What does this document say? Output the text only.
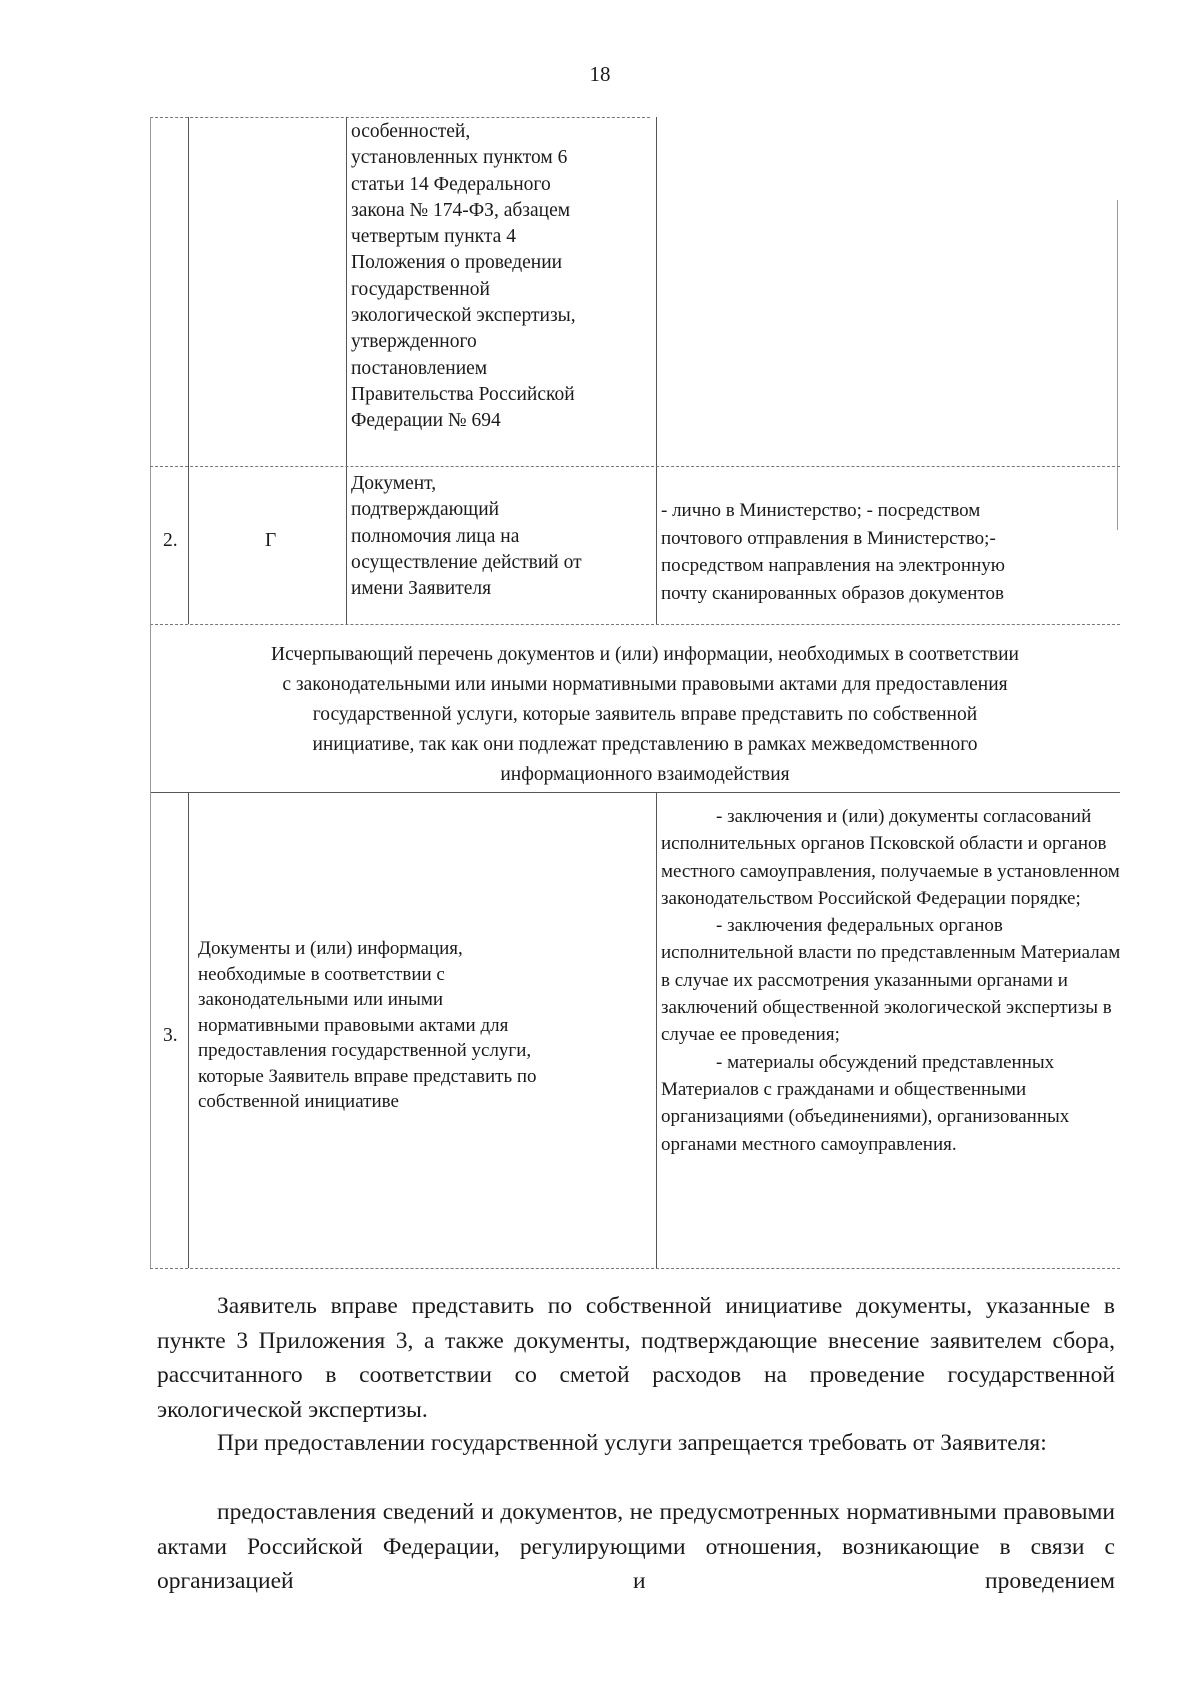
18
особенностей,
установленных пунктом 6
статьи 14 Федерального
закона № 174-ФЗ, абзацем
четвертым пункта 4
Положения о проведении
государственной
экологической экспертизы,
утвержденного
постановлением
Правительства Российской
Федерации № 694
2.	Г
Документ,
подтверждающий
полномочия лица на
осуществление действий от
имени Заявителя
- лично в Министерство; - посредством
почтового отправления в Министерство;-
посредством направления на электронную
почту сканированных образов документов
Исчерпывающий перечень документов и (или) информации, необходимых в соответствии
с законодательными или иными нормативными правовыми актами для предоставления
государственной услуги, которые заявитель вправе представить по собственной
инициативе, так как они подлежат представлению в рамках межведомственного
информационного взаимодействия
3.
Документы и (или) информация,
необходимые в соответствии с
законодательными или иными
нормативными правовыми актами для
предоставления государственной услуги,
которые Заявитель вправе представить по
собственной инициативе
- заключения и (или) документы согласований исполнительных органов Псковской области и органов местного самоуправления, получаемые в установленном законодательством Российской Федерации порядке;
- заключения федеральных органов исполнительной власти по представленным Материалам в случае их рассмотрения указанными органами и заключений общественной экологической экспертизы в случае ее проведения;
- материалы обсуждений представленных Материалов с гражданами и общественными организациями (объединениями), организованных органами местного самоуправления.

Заявитель вправе представить по собственной инициативе документы, указанные в пункте 3 Приложения 3, а также документы, подтверждающие внесение заявителем сбора, рассчитанного в соответствии со сметой расходов на проведение государственной экологической экспертизы.

При предоставлении государственной услуги запрещается требовать от Заявителя:

предоставления сведений и документов, не предусмотренных нормативными правовыми актами Российской Федерации, регулирующими отношения, возникающие в связи с организацией и проведением
